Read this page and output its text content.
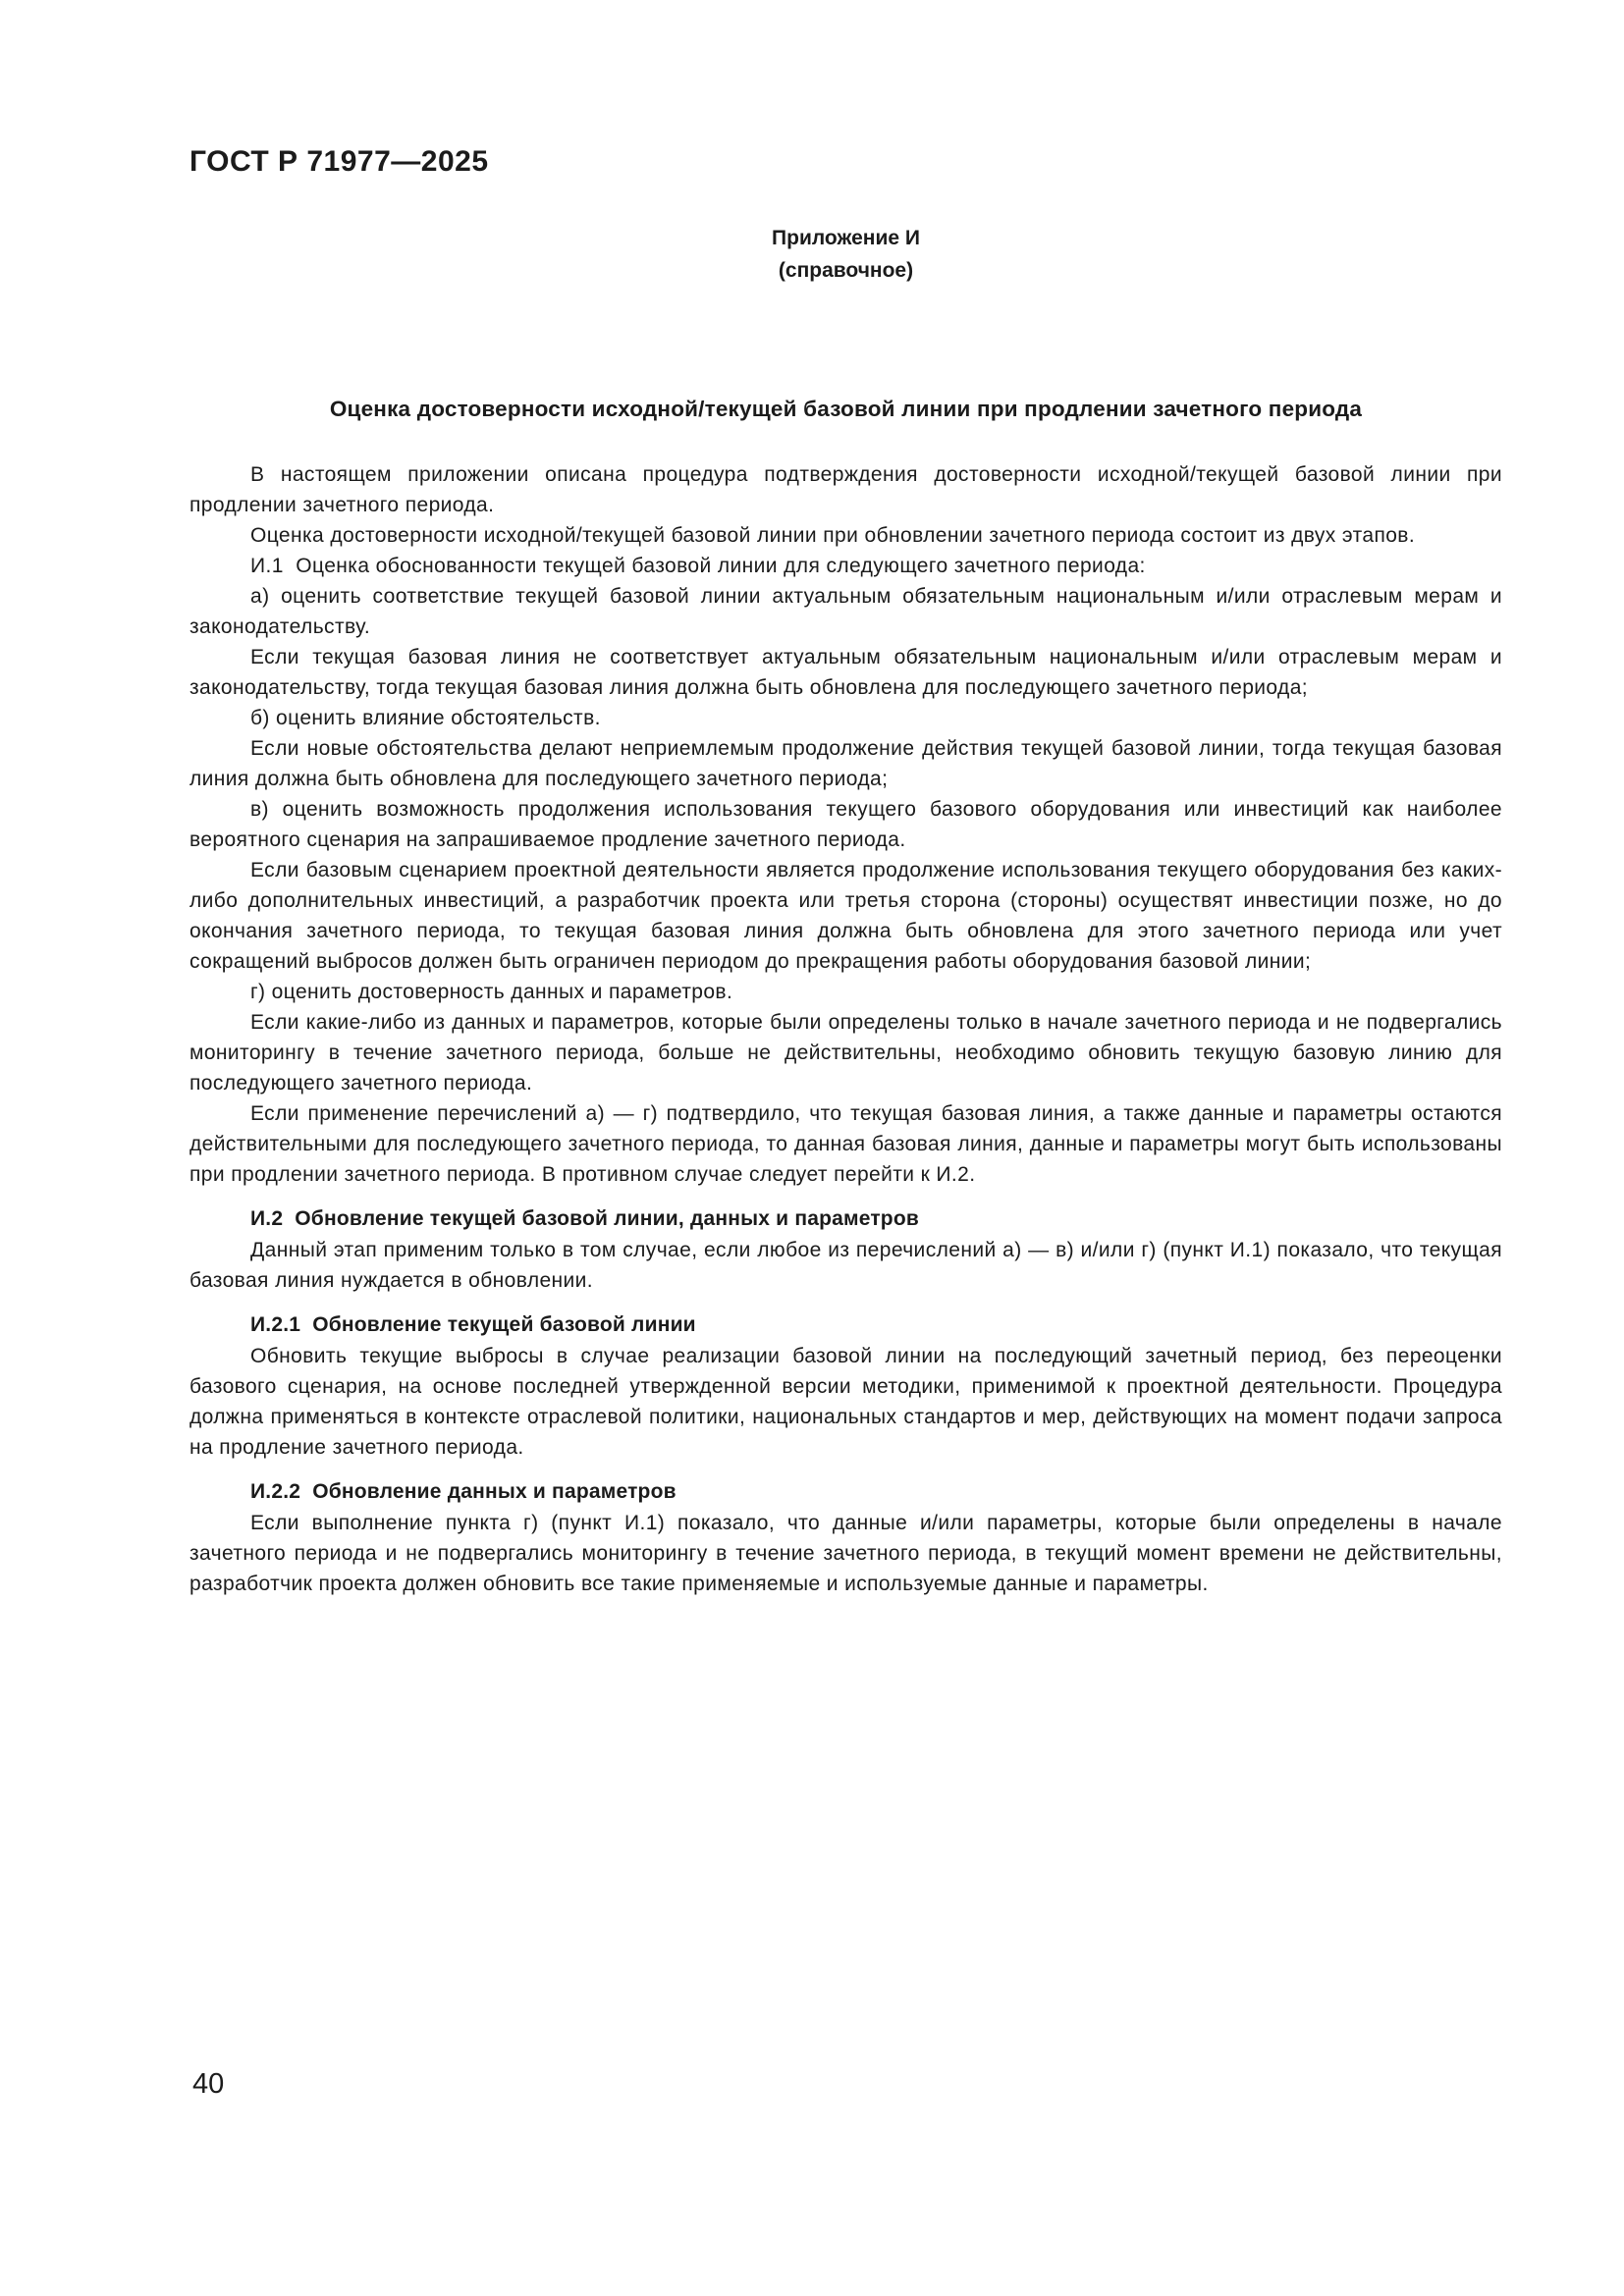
ГОСТ Р 71977—2025
Приложение И
(справочное)
Оценка достоверности исходной/текущей базовой линии при продлении зачетного периода

В настоящем приложении описана процедура подтверждения достоверности исходной/текущей базовой линии при продлении зачетного периода.

Оценка достоверности исходной/текущей базовой линии при обновлении зачетного периода состоит из двух этапов.

И.1  Оценка обоснованности текущей базовой линии для следующего зачетного периода:

а) оценить соответствие текущей базовой линии актуальным обязательным национальным и/или отраслевым мерам и законодательству.

Если текущая базовая линия не соответствует актуальным обязательным национальным и/или отраслевым мерам и законодательству, тогда текущая базовая линия должна быть обновлена для последующего зачетного периода;

б) оценить влияние обстоятельств.

Если новые обстоятельства делают неприемлемым продолжение действия текущей базовой линии, тогда текущая базовая линия должна быть обновлена для последующего зачетного периода;

в) оценить возможность продолжения использования текущего базового оборудования или инвестиций как наиболее вероятного сценария на запрашиваемое продление зачетного периода.

Если базовым сценарием проектной деятельности является продолжение использования текущего оборудования без каких-либо дополнительных инвестиций, а разработчик проекта или третья сторона (стороны) осуществят инвестиции позже, но до окончания зачетного периода, то текущая базовая линия должна быть обновлена для этого зачетного периода или учет сокращений выбросов должен быть ограничен периодом до прекращения работы оборудования базовой линии;

г) оценить достоверность данных и параметров.

Если какие-либо из данных и параметров, которые были определены только в начале зачетного периода и не подвергались мониторингу в течение зачетного периода, больше не действительны, необходимо обновить текущую базовую линию для последующего зачетного периода.

Если применение перечислений а) — г) подтвердило, что текущая базовая линия, а также данные и параметры остаются действительными для последующего зачетного периода, то данная базовая линия, данные и параметры могут быть использованы при продлении зачетного периода. В противном случае следует перейти к И.2.

И.2  Обновление текущей базовой линии, данных и параметров

Данный этап применим только в том случае, если любое из перечислений а) — в) и/или г) (пункт И.1) показало, что текущая базовая линия нуждается в обновлении.

И.2.1  Обновление текущей базовой линии

Обновить текущие выбросы в случае реализации базовой линии на последующий зачетный период, без переоценки базового сценария, на основе последней утвержденной версии методики, применимой к проектной деятельности. Процедура должна применяться в контексте отраслевой политики, национальных стандартов и мер, действующих на момент подачи запроса на продление зачетного периода.

И.2.2  Обновление данных и параметров

Если выполнение пункта г) (пункт И.1) показало, что данные и/или параметры, которые были определены в начале зачетного периода и не подвергались мониторингу в течение зачетного периода, в текущий момент времени не действительны, разработчик проекта должен обновить все такие применяемые и используемые данные и параметры.

40
